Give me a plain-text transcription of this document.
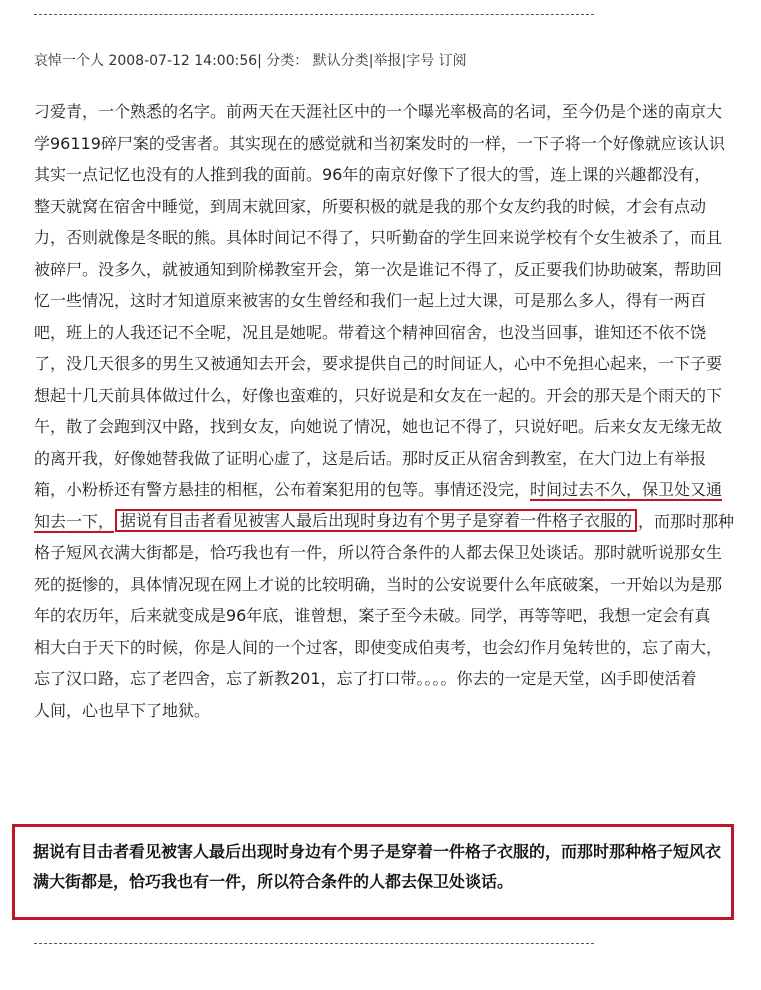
哀悼一个人 2008-07-12 14:00:56| 分类： 默认分类|举报|字号 订阅
刁爱青，一个熟悉的名字。前两天在天涯社区中的一个曝光率极高的名词，至今仍是个迷的南京大
学96119碎尸案的受害者。其实现在的感觉就和当初案发时的一样，一下子将一个好像就应该认识
其实一点记忆也没有的人推到我的面前。96年的南京好像下了很大的雪，连上课的兴趣都没有，
整天就窝在宿舍中睡觉，到周末就回家，所要积极的就是我的那个女友约我的时候，才会有点动
力，否则就像是冬眠的熊。具体时间记不得了，只听勤奋的学生回来说学校有个女生被杀了，而且
被碎尸。没多久，就被通知到阶梯教室开会，第一次是谁记不得了，反正要我们协助破案，帮助回
忆一些情况，这时才知道原来被害的女生曾经和我们一起上过大课，可是那么多人，得有一两百
吧，班上的人我还记不全呢，况且是她呢。带着这个精神回宿舍，也没当回事，谁知还不依不饶
了，没几天很多的男生又被通知去开会，要求提供自己的时间证人，心中不免担心起来，一下子要
想起十几天前具体做过什么，好像也蛮难的，只好说是和女友在一起的。开会的那天是个雨天的下
午，散了会跑到汉中路，找到女友，向她说了情况，她也记不得了，只说好吧。后来女友无缘无故
的离开我，好像她替我做了证明心虚了，这是后话。那时反正从宿舍到教室，在大门边上有举报
箱，小粉桥还有警方悬挂的相框，公布着案犯用的包等。事情还没完，时间过去不久，保卫处又通
知去一下， 据说有目击者看见被害人最后出现时身边有个男子是穿着一件格子衣服的 ，而那时那种
格子短风衣满大街都是，恰巧我也有一件，所以符合条件的人都去保卫处谈话。那时就听说那女生
死的挺惨的，具体情况现在网上才说的比较明确，当时的公安说要什么年底破案，一开始以为是那
年的农历年，后来就变成是96年底，谁曾想，案子至今未破。同学，再等等吧，我想一定会有真
相大白于天下的时候，你是人间的一个过客，即使变成伯夷考，也会幻作月兔转世的，忘了南大，
忘了汉口路，忘了老四舍，忘了新教201，忘了打口带。。。。你去的一定是天堂，凶手即使活着
人间，心也早下了地狱。
据说有目击者看见被害人最后出现时身边有个男子是穿着一件格子衣服的，而那时那种格子短风衣
满大街都是，恰巧我也有一件，所以符合条件的人都去保卫处谈话。
